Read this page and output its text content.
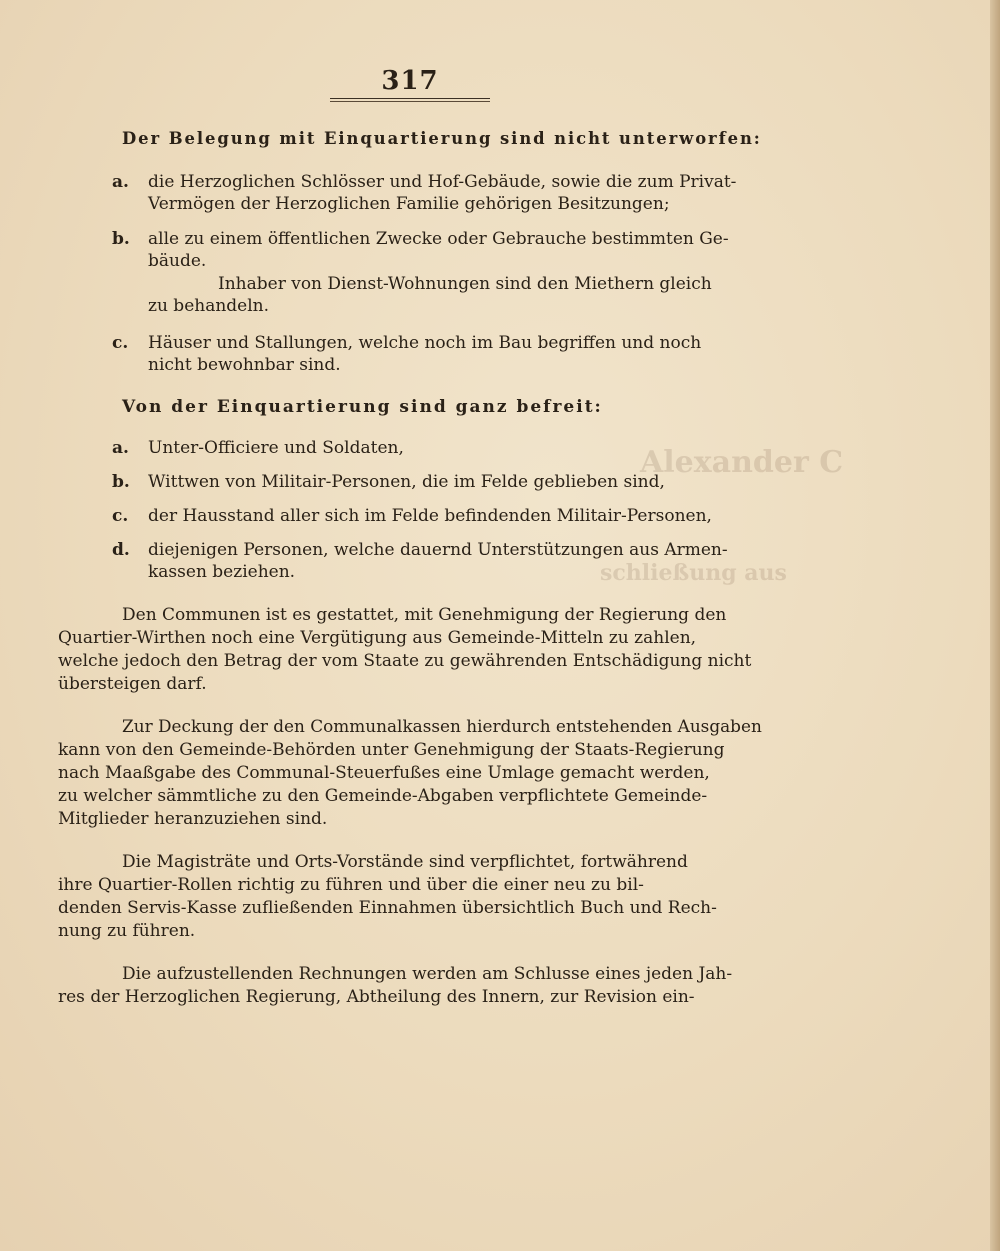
Alexander C
schließung aus
317
Der Belegung mit Einquartierung sind nicht unterworfen:
a. die Herzoglichen Schlösser und Hof-Gebäude, sowie die zum Privat-
Vermögen der Herzoglichen Familie gehörigen Besitzungen;
b. alle zu einem öffentlichen Zwecke oder Gebrauche bestimmten Ge-
bäude.
Inhaber von Dienst-Wohnungen sind den Miethern gleich
zu behandeln.
c. Häuser und Stallungen, welche noch im Bau begriffen und noch
nicht bewohnbar sind.
Von der Einquartierung sind ganz befreit:
a. Unter-Officiere und Soldaten,
b. Wittwen von Militair-Personen, die im Felde geblieben sind,
c. der Hausstand aller sich im Felde befindenden Militair-Personen,
d. diejenigen Personen, welche dauernd Unterstützungen aus Armen-
kassen beziehen.
Den Communen ist es gestattet, mit Genehmigung der Regierung den
Quartier-Wirthen noch eine Vergütigung aus Gemeinde-Mitteln zu zahlen,
welche jedoch den Betrag der vom Staate zu gewährenden Entschädigung nicht
übersteigen darf.
Zur Deckung der den Communalkassen hierdurch entstehenden Ausgaben
kann von den Gemeinde-Behörden unter Genehmigung der Staats-Regierung
nach Maaßgabe des Communal-Steuerfußes eine Umlage gemacht werden,
zu welcher sämmtliche zu den Gemeinde-Abgaben verpflichtete Gemeinde-
Mitglieder heranzuziehen sind.
Die Magisträte und Orts-Vorstände sind verpflichtet, fortwährend
ihre Quartier-Rollen richtig zu führen und über die einer neu zu bil-
denden Servis-Kasse zufließenden Einnahmen übersichtlich Buch und Rech-
nung zu führen.
Die aufzustellenden Rechnungen werden am Schlusse eines jeden Jah-
res der Herzoglichen Regierung, Abtheilung des Innern, zur Revision ein-
